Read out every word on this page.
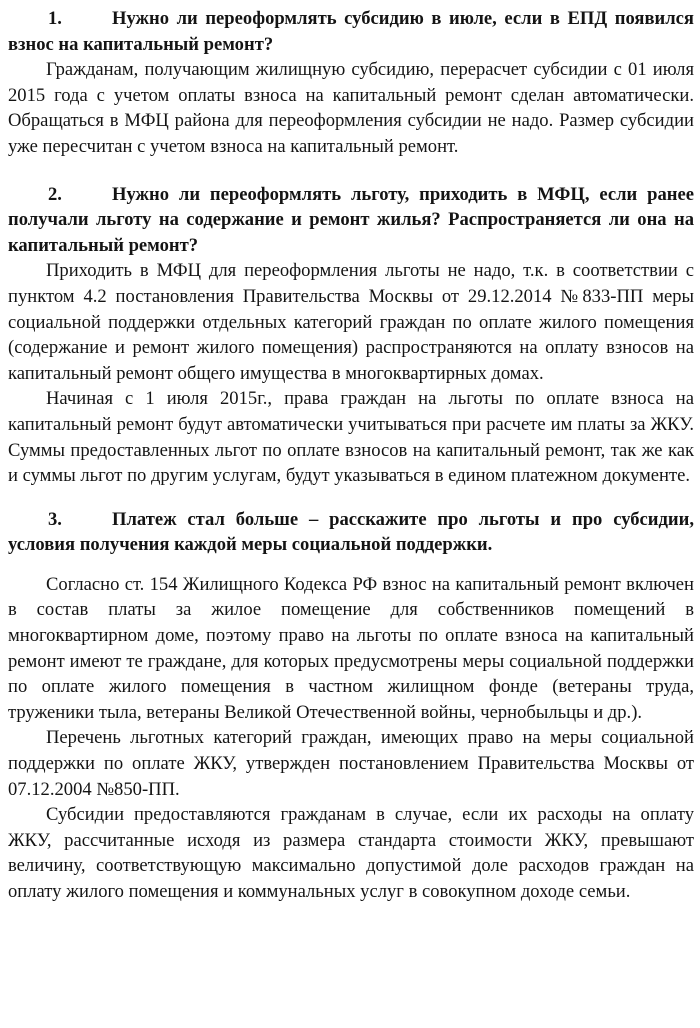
1.	Нужно ли переоформлять субсидию в июле, если в ЕПД появился взнос на капитальный ремонт?

Гражданам, получающим жилищную субсидию, перерасчет субсидии с 01 июля 2015 года с учетом оплаты взноса на капитальный ремонт сделан автоматически. Обращаться в МФЦ района для переоформления субсидии не надо. Размер субсидии уже пересчитан с учетом взноса на капитальный ремонт.

2.	Нужно ли переоформлять льготу, приходить в МФЦ, если ранее получали льготу на содержание и ремонт жилья? Распространяется ли она на капитальный ремонт?

Приходить в МФЦ для переоформления льготы не надо, т.к. в соответствии с пунктом 4.2 постановления Правительства Москвы от 29.12.2014 №833-ПП меры социальной поддержки отдельных категорий граждан по оплате жилого помещения (содержание и ремонт жилого помещения) распространяются на оплату взносов на капитальный ремонт общего имущества в многоквартирных домах.

Начиная с 1 июля 2015г., права граждан на льготы по оплате взноса на капитальный ремонт будут автоматически учитываться при расчете им платы за ЖКУ. Суммы предоставленных льгот по оплате взносов на капитальный ремонт, так же как и суммы льгот по другим услугам, будут указываться в едином платежном документе.

3.	Платеж стал больше – расскажите про льготы и про субсидии, условия получения каждой меры социальной поддержки.

Согласно ст. 154 Жилищного Кодекса РФ взнос на капитальный ремонт включен в состав платы за жилое помещение для собственников помещений в многоквартирном доме, поэтому право на льготы по оплате взноса на капитальный ремонт имеют те граждане, для которых предусмотрены меры социальной поддержки по оплате жилого помещения в частном жилищном фонде (ветераны труда, труженики тыла, ветераны Великой Отечественной войны, чернобыльцы и др.).

Перечень льготных категорий граждан, имеющих право на меры социальной поддержки по оплате ЖКУ, утвержден постановлением Правительства Москвы от 07.12.2004 №850-ПП.

Субсидии предоставляются гражданам в случае, если их расходы на оплату ЖКУ, рассчитанные исходя из размера стандарта стоимости ЖКУ, превышают величину, соответствующую максимально допустимой доле расходов граждан на оплату жилого помещения и коммунальных услуг в совокупном доходе семьи.
